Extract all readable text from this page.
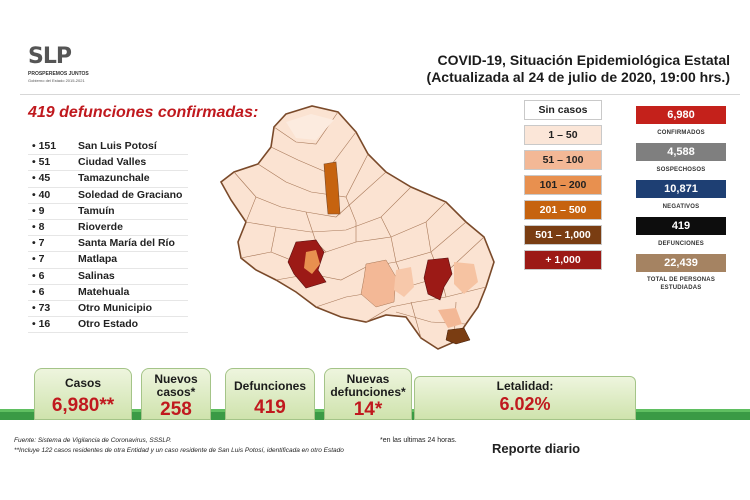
SLP
PROSPEREMOS JUNTOS
Gobierno del Estado 2015-2021
COVID-19, Situación Epidemiológica Estatal
(Actualizada al 24 de julio de 2020, 19:00 hrs.)
419 defunciones confirmadas:
• 151	San Luis Potosí
• 51	Ciudad Valles
• 45	Tamazunchale
• 40	Soledad de Graciano
• 9	Tamuín
• 8	Rioverde
• 7	Santa María del Río
• 7	Matlapa
• 6	Salinas
• 6	Matehuala
• 73	Otro Municipio
• 16	Otro Estado
Sin casos
1 – 50
51 – 100
101 – 200
201 – 500
501 – 1,000
+ 1,000
6,980
CONFIRMADOS
4,588
SOSPECHOSOS
10,871
NEGATIVOS
419
DEFUNCIONES
22,439
TOTAL DE PERSONAS ESTUDIADAS
Casos
6,980**
Nuevos casos*
258
Defunciones
419
Nuevas defunciones*
14*
Letalidad:
6.02%
Fuente: Sistema de Vigilancia de Coronavirus, SSSLP.
**Incluye 122 casos residentes de otra Entidad y un caso residente de San Luis Potosí, identificada en otro Estado
*en las ultimas 24 horas.
Reporte diario
